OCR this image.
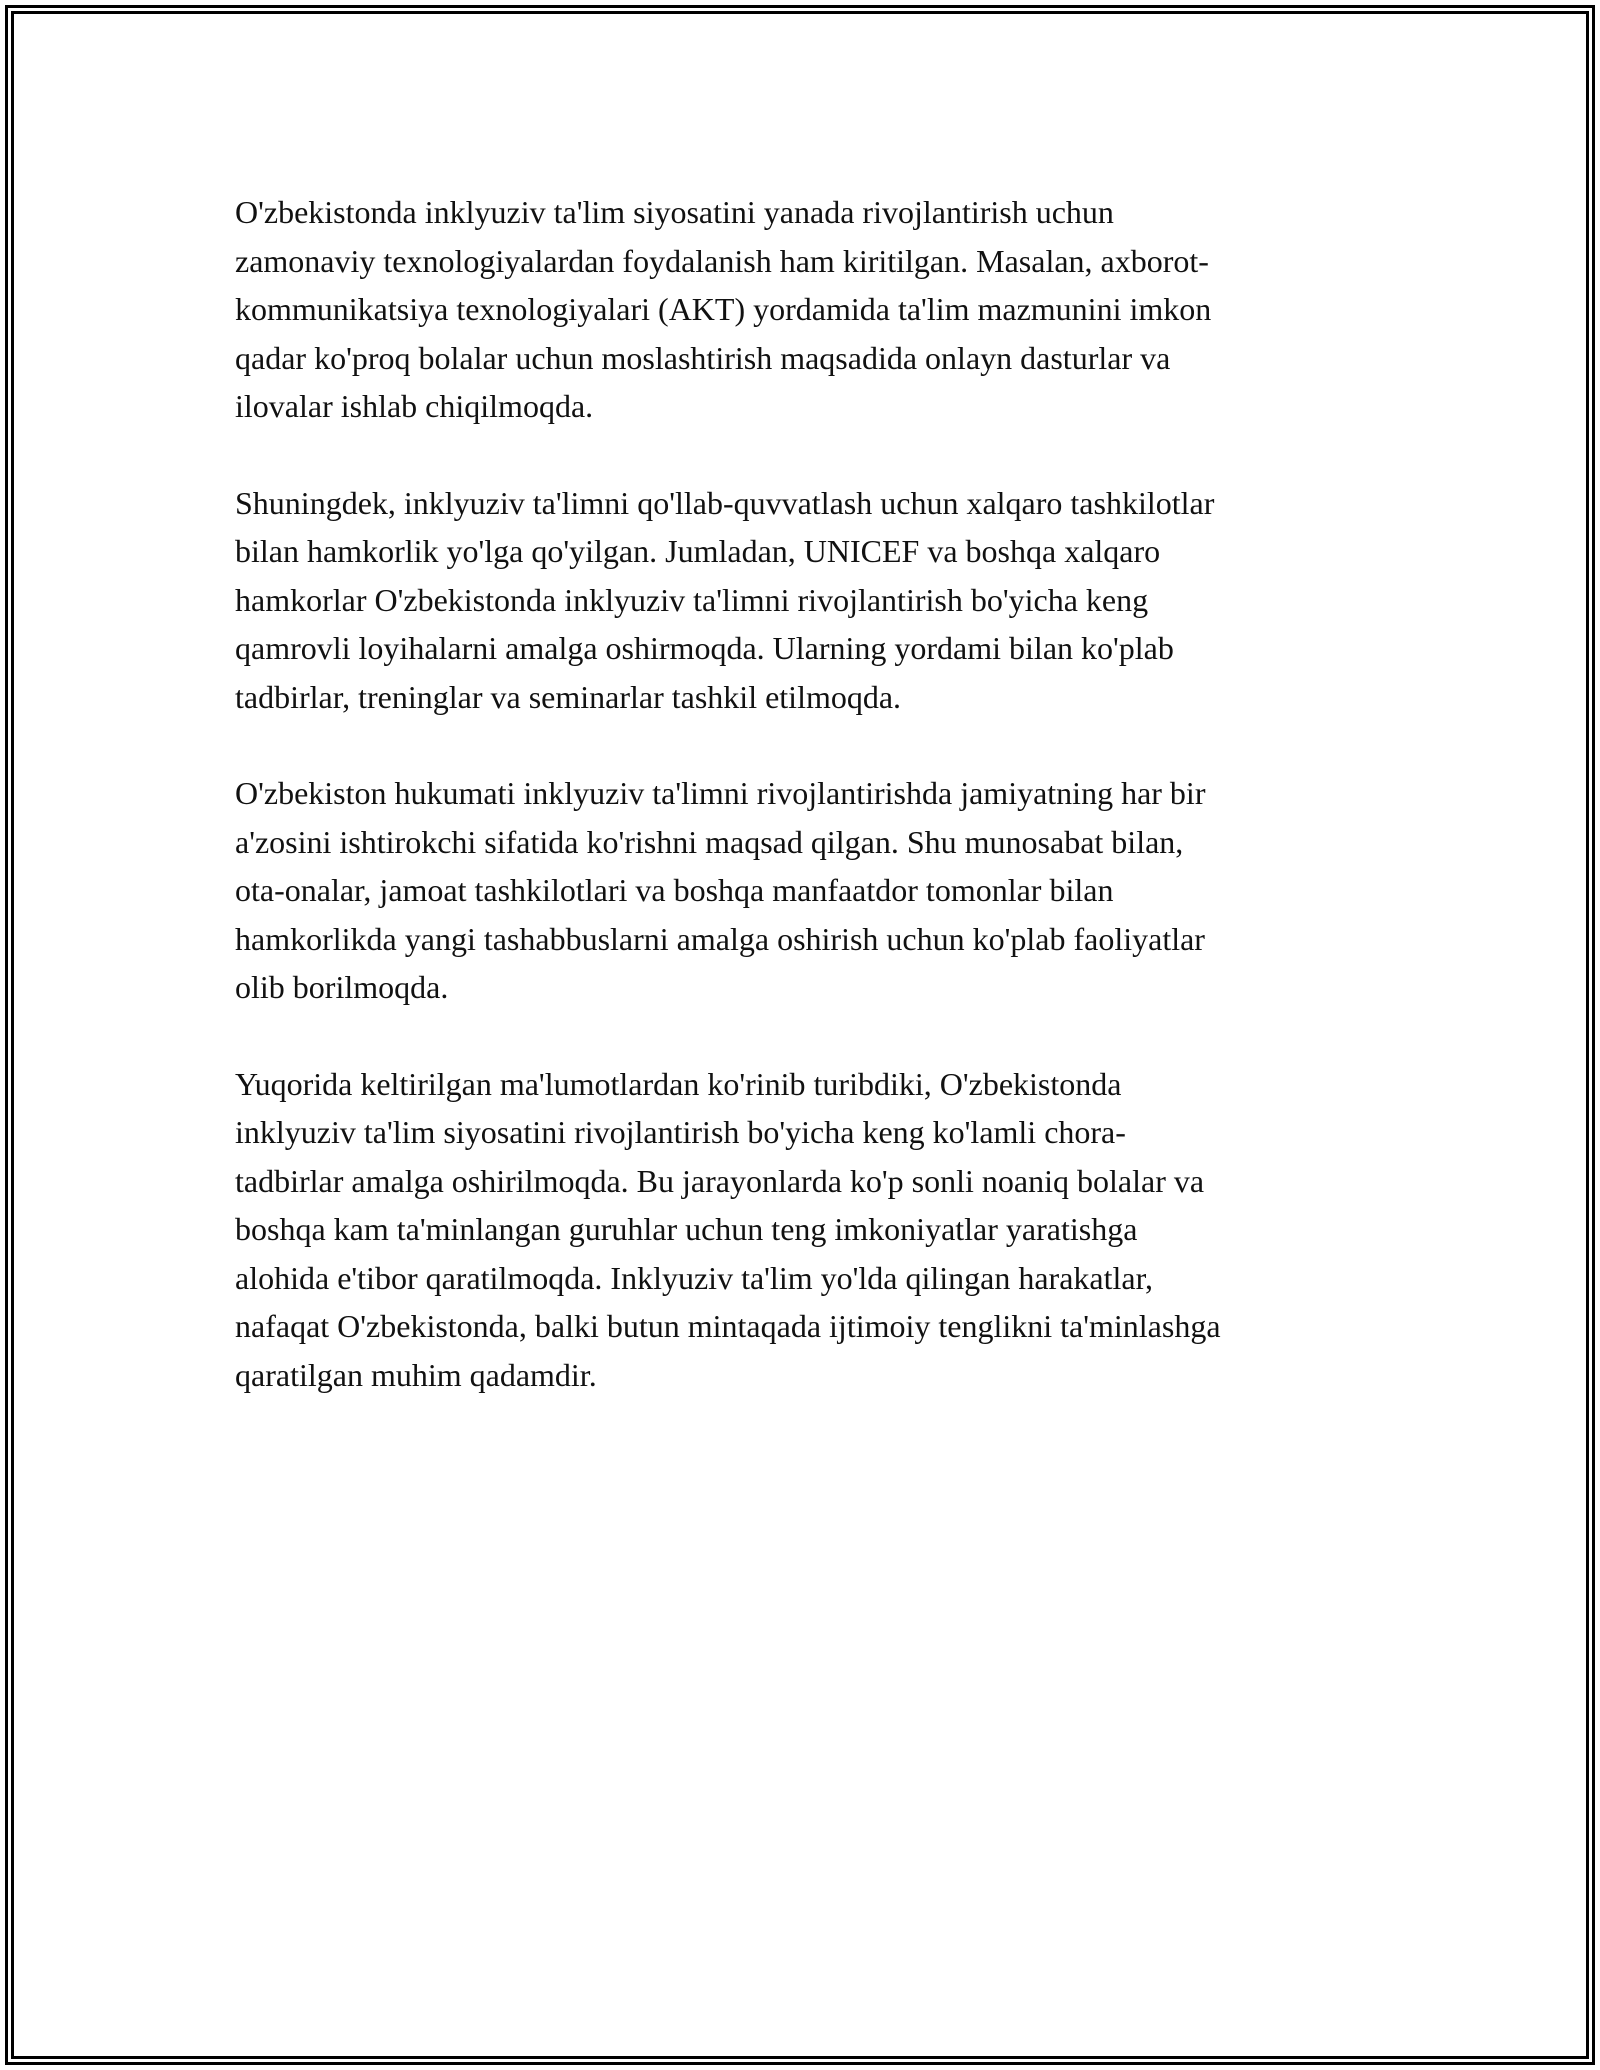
O'zbekistonda inklyuziv ta'lim siyosatini yanada rivojlantirish uchun
zamonaviy texnologiyalardan foydalanish ham kiritilgan. Masalan, axborot-
kommunikatsiya texnologiyalari (AKT) yordamida ta'lim mazmunini imkon
qadar ko'proq bolalar uchun moslashtirish maqsadida onlayn dasturlar va
ilovalar ishlab chiqilmoqda.

Shuningdek, inklyuziv ta'limni qo'llab-quvvatlash uchun xalqaro tashkilotlar
bilan hamkorlik yo'lga qo'yilgan. Jumladan, UNICEF va boshqa xalqaro
hamkorlar O'zbekistonda inklyuziv ta'limni rivojlantirish bo'yicha keng
qamrovli loyihalarni amalga oshirmoqda. Ularning yordami bilan ko'plab
tadbirlar, treninglar va seminarlar tashkil etilmoqda.

O'zbekiston hukumati inklyuziv ta'limni rivojlantirishda jamiyatning har bir
a'zosini ishtirokchi sifatida ko'rishni maqsad qilgan. Shu munosabat bilan,
ota-onalar, jamoat tashkilotlari va boshqa manfaatdor tomonlar bilan
hamkorlikda yangi tashabbuslarni amalga oshirish uchun ko'plab faoliyatlar
olib borilmoqda.

Yuqorida keltirilgan ma'lumotlardan ko'rinib turibdiki, O'zbekistonda
inklyuziv ta'lim siyosatini rivojlantirish bo'yicha keng ko'lamli chora-
tadbirlar amalga oshirilmoqda. Bu jarayonlarda ko'p sonli noaniq bolalar va
boshqa kam ta'minlangan guruhlar uchun teng imkoniyatlar yaratishga
alohida e'tibor qaratilmoqda. Inklyuziv ta'lim yo'lda qilingan harakatlar,
nafaqat O'zbekistonda, balki butun mintaqada ijtimoiy tenglikni ta'minlashga
qaratilgan muhim qadamdir.
